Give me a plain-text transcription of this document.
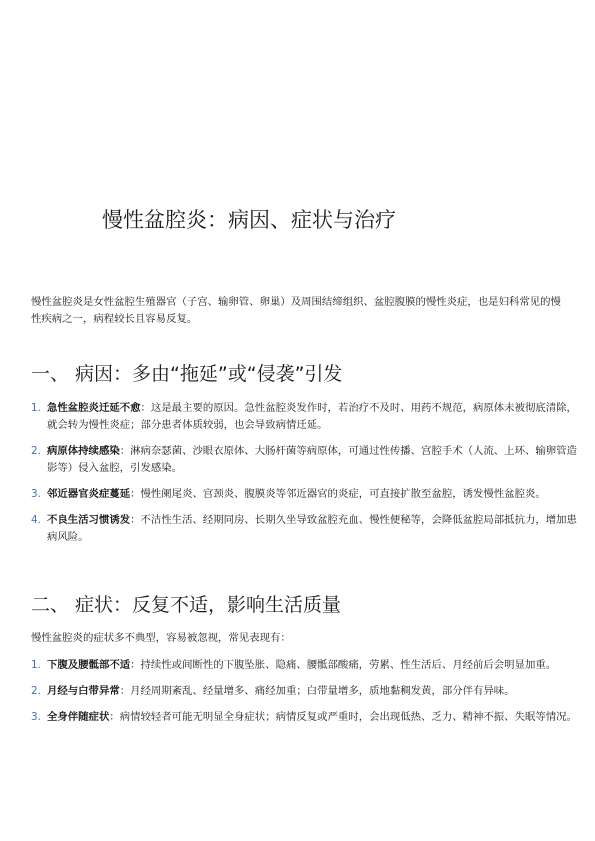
慢性盆腔炎：病因、症状与治疗

慢性盆腔炎是女性盆腔生殖器官（子宫、输卵管、卵巢）及周围结缔组织、盆腔腹膜的慢性炎症，也是妇科常见的慢性疾病之一，病程较长且容易反复。

一、 病因：多由“拖延”或“侵袭”引发
1. 急性盆腔炎迁延不愈：这是最主要的原因。急性盆腔炎发作时，若治疗不及时、用药不规范，病原体未被彻底清除，就会转为慢性炎症；部分患者体质较弱，也会导致病情迁延。
2. 病原体持续感染：淋病奈瑟菌、沙眼衣原体、大肠杆菌等病原体，可通过性传播、宫腔手术（人流、上环、输卵管造影等）侵入盆腔，引发感染。
3. 邻近器官炎症蔓延：慢性阑尾炎、宫颈炎、腹膜炎等邻近器官的炎症，可直接扩散至盆腔，诱发慢性盆腔炎。
4. 不良生活习惯诱发：不洁性生活、经期同房、长期久坐导致盆腔充血、慢性便秘等，会降低盆腔局部抵抗力，增加患病风险。
二、 症状：反复不适，影响生活质量

慢性盆腔炎的症状多不典型，容易被忽视，常见表现有：

1. 下腹及腰骶部不适：持续性或间断性的下腹坠胀、隐痛、腰骶部酸痛，劳累、性生活后、月经前后会明显加重。
2. 月经与白带异常：月经周期紊乱、经量增多、痛经加重；白带量增多，质地黏稠发黄，部分伴有异味。
3. 全身伴随症状：病情较轻者可能无明显全身症状；病情反复或严重时，会出现低热、乏力、精神不振、失眠等情况。
